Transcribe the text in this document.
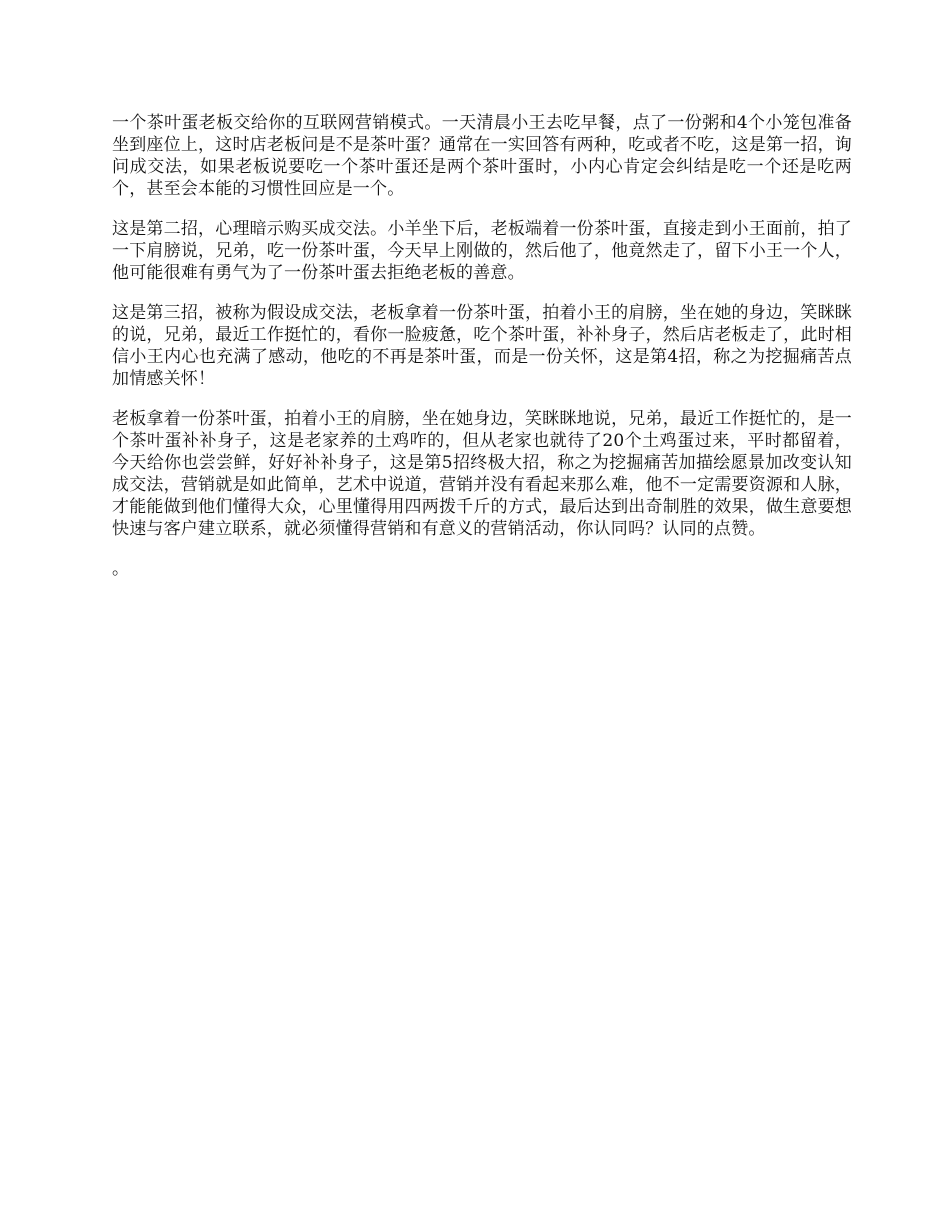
一个茶叶蛋老板交给你的互联网营销模式。一天清晨小王去吃早餐，点了一份粥和4个小笼包准备坐到座位上，这时店老板问是不是茶叶蛋？通常在一实回答有两种，吃或者不吃，这是第一招，询问成交法，如果老板说要吃一个茶叶蛋还是两个茶叶蛋时，小内心肯定会纠结是吃一个还是吃两个，甚至会本能的习惯性回应是一个。

这是第二招，心理暗示购买成交法。小羊坐下后，老板端着一份茶叶蛋，直接走到小王面前，拍了一下肩膀说，兄弟，吃一份茶叶蛋，今天早上刚做的，然后他了，他竟然走了，留下小王一个人，他可能很难有勇气为了一份茶叶蛋去拒绝老板的善意。

这是第三招，被称为假设成交法，老板拿着一份茶叶蛋，拍着小王的肩膀，坐在她的身边，笑眯眯的说，兄弟，最近工作挺忙的，看你一脸疲惫，吃个茶叶蛋，补补身子，然后店老板走了，此时相信小王内心也充满了感动，他吃的不再是茶叶蛋，而是一份关怀，这是第4招，称之为挖掘痛苦点加情感关怀！

老板拿着一份茶叶蛋，拍着小王的肩膀，坐在她身边，笑眯眯地说，兄弟，最近工作挺忙的，是一个茶叶蛋补补身子，这是老家养的土鸡咋的，但从老家也就待了20个土鸡蛋过来，平时都留着，今天给你也尝尝鲜，好好补补身子，这是第5招终极大招，称之为挖掘痛苦加描绘愿景加改变认知成交法，营销就是如此简单，艺术中说道，营销并没有看起来那么难，他不一定需要资源和人脉，才能能做到他们懂得大众，心里懂得用四两拨千斤的方式，最后达到出奇制胜的效果，做生意要想快速与客户建立联系，就必须懂得营销和有意义的营销活动，你认同吗？认同的点赞。

。
